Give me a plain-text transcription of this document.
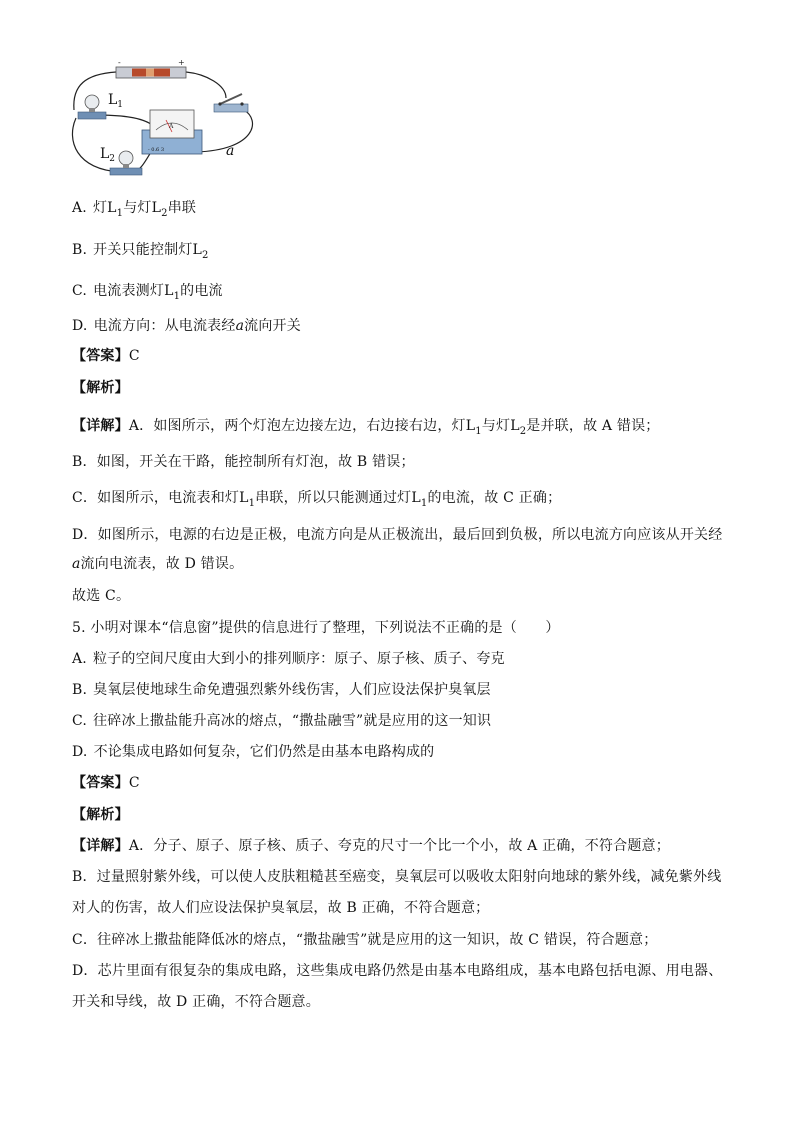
-	+
$L_1$
$L_2$
A
- 0.6 3	a
A. 灯$L_1$与灯$L_2$串联
B. 开关只能控制灯$L_2$
C. 电流表测灯$L_1$的电流
D. 电流方向：从电流表经a流向开关
【答案】C
【解析】
【详解】A．如图所示，两个灯泡左边接左边，右边接右边，灯$L_1$与灯$L_2$是并联，故 A 错误；
B．如图，开关在干路，能控制所有灯泡，故 B 错误；
C．如图所示，电流表和灯$L_1$串联，所以只能测通过灯$L_1$的电流，故 C 正确；
D．如图所示，电源的右边是正极，电流方向是从正极流出，最后回到负极，所以电流方向应该从开关经
a流向电流表，故 D 错误。
故选 C。
5. 小明对课本“信息窗”提供的信息进行了整理，下列说法不正确的是（　　）
A. 粒子的空间尺度由大到小的排列顺序：原子、原子核、质子、夸克
B. 臭氧层使地球生命免遭强烈紫外线伤害，人们应设法保护臭氧层
C. 往碎冰上撒盐能升高冰的熔点，“撒盐融雪”就是应用的这一知识
D. 不论集成电路如何复杂，它们仍然是由基本电路构成的
【答案】C
【解析】
【详解】A．分子、原子、原子核、质子、夸克的尺寸一个比一个小，故 A 正确，不符合题意；
B．过量照射紫外线，可以使人皮肤粗糙甚至癌变，臭氧层可以吸收太阳射向地球的紫外线，减免紫外线
对人的伤害，故人们应设法保护臭氧层，故 B 正确，不符合题意；
C．往碎冰上撒盐能降低冰的熔点，“撒盐融雪”就是应用的这一知识，故 C 错误，符合题意；
D．芯片里面有很复杂的集成电路，这些集成电路仍然是由基本电路组成，基本电路包括电源、用电器、
开关和导线，故 D 正确，不符合题意。
